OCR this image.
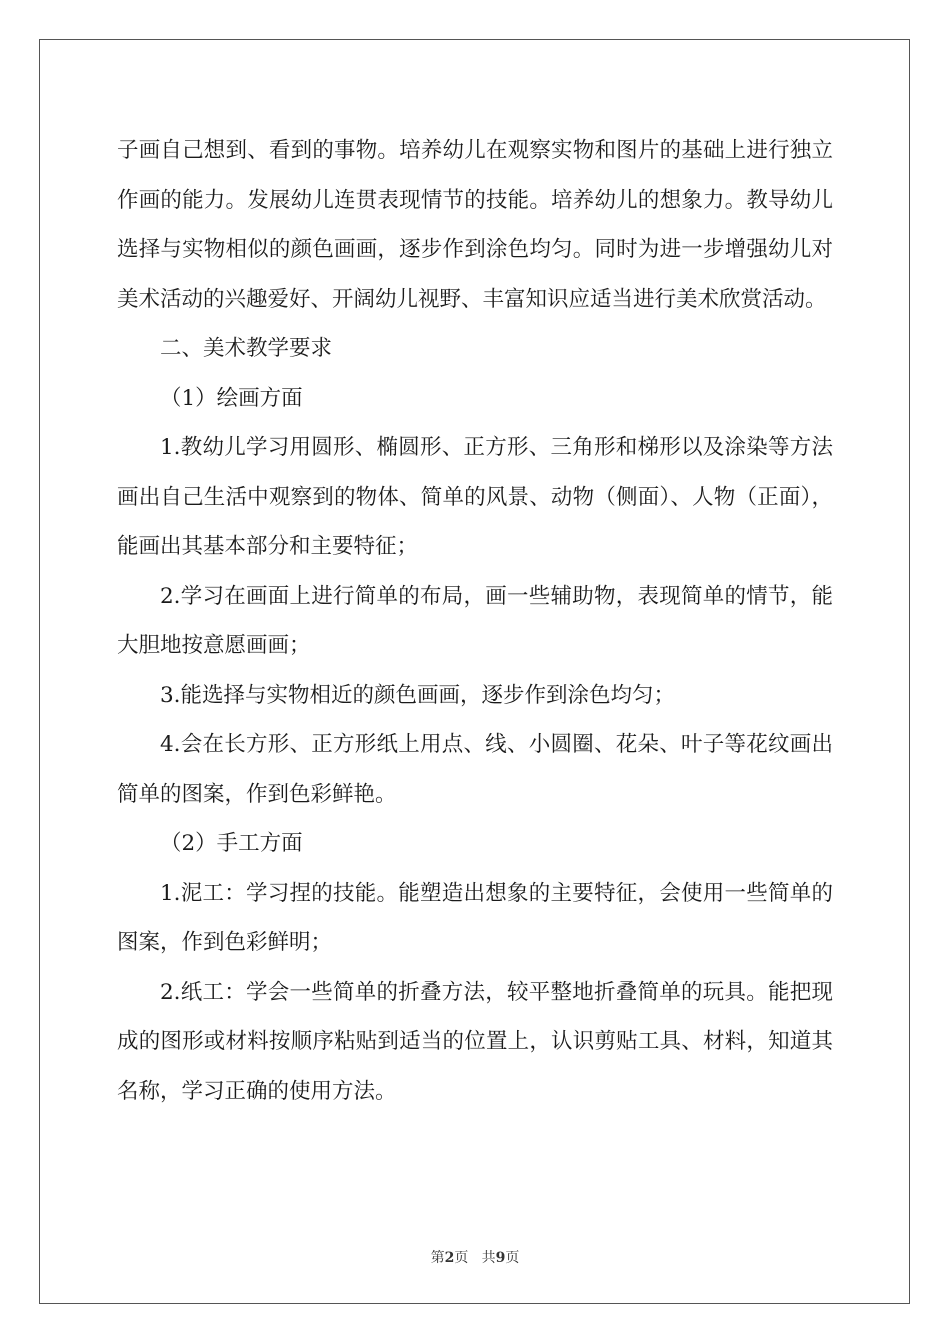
子画自己想到、看到的事物。培养幼儿在观察实物和图片的基础上进行独立作画的能力。发展幼儿连贯表现情节的技能。培养幼儿的想象力。教导幼儿选择与实物相似的颜色画画，逐步作到涂色均匀。同时为进一步增强幼儿对美术活动的兴趣爱好、开阔幼儿视野、丰富知识应适当进行美术欣赏活动。

二、美术教学要求

（1）绘画方面

1.教幼儿学习用圆形、椭圆形、正方形、三角形和梯形以及涂染等方法画出自己生活中观察到的物体、简单的风景、动物（侧面）、人物（正面），能画出其基本部分和主要特征；

2.学习在画面上进行简单的布局，画一些辅助物，表现简单的情节，能大胆地按意愿画画；

3.能选择与实物相近的颜色画画，逐步作到涂色均匀；

4.会在长方形、正方形纸上用点、线、小圆圈、花朵、叶子等花纹画出简单的图案，作到色彩鲜艳。

（2）手工方面

1.泥工：学习捏的技能。能塑造出想象的主要特征，会使用一些简单的图案，作到色彩鲜明；

2.纸工：学会一些简单的折叠方法，较平整地折叠简单的玩具。能把现成的图形或材料按顺序粘贴到适当的位置上，认识剪贴工具、材料，知道其名称，学习正确的使用方法。

第2页 共9页
